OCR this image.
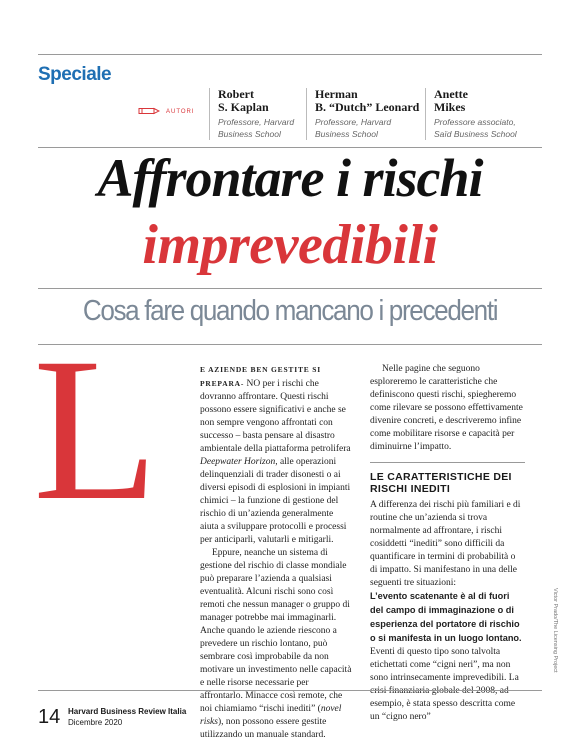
Speciale
AUTORI
Robert
S. Kaplan
Professore, Harvard
Business School
Herman
B. “Dutch” Leonard
Professore, Harvard
Business School
Anette
Mikes
Professore associato,
Saïd Business School
Affrontare i rischi
imprevedibili
Cosa fare quando mancano i precedenti
L	E AZIENDE BEN GESTITE SI PREPARA- NO per i rischi che dovranno affrontare. Questi rischi possono essere significativi e anche se non sempre vengono affrontati con successo – basta pensare al disastro ambientale della piattaforma petrolifera Deepwater Horizon, alle operazioni delinquenziali di trader disonesti o ai diversi episodi di esplosioni in impianti chimici – la funzione di gestione del rischio di un’azienda generalmente aiuta a sviluppare protocolli e processi per anticiparli, valutarli e mitigarli.

Eppure, neanche un sistema di gestione del rischio di classe mondiale può preparare l’azienda a qualsiasi eventualità. Alcuni rischi sono così remoti che nessun manager o gruppo di manager potrebbe mai immaginarli. Anche quando le aziende riescono a prevedere un rischio lontano, può sembrare così improbabile da non motivare un investimento nelle capacità e nelle risorse necessarie per affrontarlo. Minacce così remote, che noi chiamiamo “rischi inediti” (novel risks), non possono essere gestite utilizzando un manuale standard.

Nelle pagine che seguono esploreremo le caratteristiche che definiscono questi rischi, spiegheremo come rilevare se possono effettivamente divenire concreti, e descriveremo infine come mobilitare risorse e capacità per diminuirne l’impatto.

LE CARATTERISTICHE DEI RISCHI INEDITI

A differenza dei rischi più familiari e di routine che un’azienda si trova normalmente ad affrontare, i rischi cosiddetti “inediti” sono difficili da quantificare in termini di probabilità o di impatto. Si manifestano in una delle seguenti tre situazioni:

L’evento scatenante è al di fuori del campo di immaginazione o di esperienza del portatore di rischio o si manifesta in un luogo lontano. Eventi di questo tipo sono talvolta etichettati come “cigni neri”, ma non sono intrinsecamente imprevedibili. La crisi finanziaria globale del 2008, ad esempio, è stata spesso descritta come un “cigno nero”

Victor Prado/The Licensing Project
14 Harvard Business Review Italia
Dicembre 2020
